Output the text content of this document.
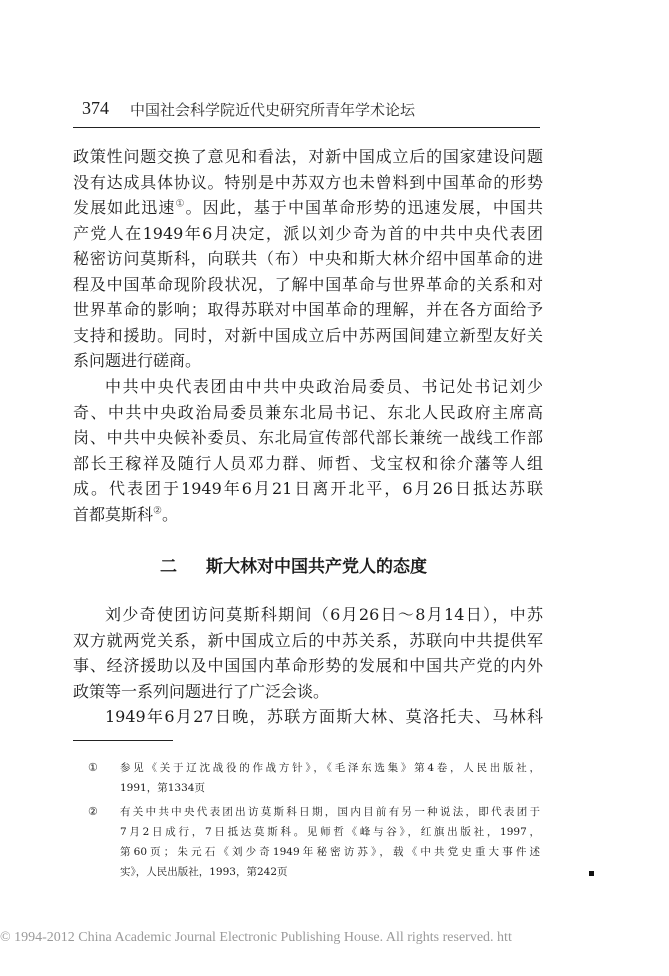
374 中国社会科学院近代史研究所青年学术论坛

政策性问题交换了意见和看法，对新中国成立后的国家建设问题

没有达成具体协议。特别是中苏双方也未曾料到中国革命的形势

发展如此迅速①。因此，基于中国革命形势的迅速发展，中国共

产党人在1949年6月决定，派以刘少奇为首的中共中央代表团

秘密访问莫斯科，向联共（布）中央和斯大林介绍中国革命的进

程及中国革命现阶段状况，了解中国革命与世界革命的关系和对

世界革命的影响；取得苏联对中国革命的理解，并在各方面给予

支持和援助。同时，对新中国成立后中苏两国间建立新型友好关

系问题进行磋商。

中共中央代表团由中共中央政治局委员、书记处书记刘少

奇、中共中央政治局委员兼东北局书记、东北人民政府主席高

岗、中共中央候补委员、东北局宣传部代部长兼统一战线工作部

部长王稼祥及随行人员邓力群、师哲、戈宝权和徐介藩等人组

成。代表团于1949年6月21日离开北平，6月26日抵达苏联

首都莫斯科②。

二 斯大林对中国共产党人的态度

刘少奇使团访问莫斯科期间（6月26日～8月14日），中苏

双方就两党关系，新中国成立后的中苏关系，苏联向中共提供军

事、经济援助以及中国国内革命形势的发展和中国共产党的内外

政策等一系列问题进行了广泛会谈。

1949年6月27日晚，苏联方面斯大林、莫洛托夫、马林科

① 参见《关于辽沈战役的作战方针》，《毛泽东选集》第4卷，人民出版社，
1991，第1334页
② 有关中共中央代表团出访莫斯科日期，国内目前有另一种说法，即代表团于
7月2日成行，7日抵达莫斯科。见师哲《峰与谷》，红旗出版社，1997，
第60页；朱元石《刘少奇1949年秘密访苏》，载《中共党史重大事件述
实》，人民出版社，1993，第242页
© 1994-2012 China Academic Journal Electronic Publishing House. All rights reserved. htt
